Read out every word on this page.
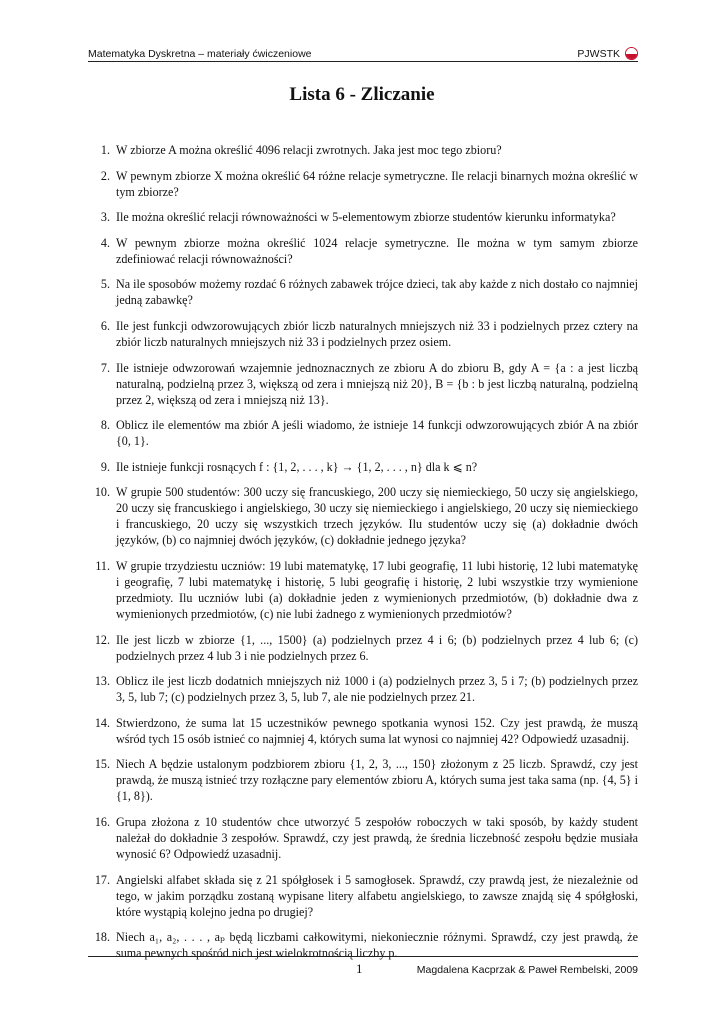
Matematyka Dyskretna – materiały ćwiczeniowe	PJWSTK
Lista 6 - Zliczanie
1. W zbiorze A można określić 4096 relacji zwrotnych. Jaka jest moc tego zbioru?
2. W pewnym zbiorze X można określić 64 różne relacje symetryczne. Ile relacji binarnych można określić w tym zbiorze?
3. Ile można określić relacji równoważności w 5-elementowym zbiorze studentów kierunku informatyka?
4. W pewnym zbiorze można określić 1024 relacje symetryczne. Ile można w tym samym zbiorze zdefiniować relacji równoważności?
5. Na ile sposobów możemy rozdać 6 różnych zabawek trójce dzieci, tak aby każde z nich dostało co najmniej jedną zabawkę?
6. Ile jest funkcji odwzorowujących zbiór liczb naturalnych mniejszych niż 33 i podzielnych przez cztery na zbiór liczb naturalnych mniejszych niż 33 i podzielnych przez osiem.
7. Ile istnieje odwzorowań wzajemnie jednoznacznych ze zbioru A do zbioru B, gdy A = {a : a jest liczbą naturalną, podzielną przez 3, większą od zera i mniejszą niż 20}, B = {b : b jest liczbą naturalną, podzielną przez 2, większą od zera i mniejszą niż 13}.
8. Oblicz ile elementów ma zbiór A jeśli wiadomo, że istnieje 14 funkcji odwzorowujących zbiór A na zbiór {0, 1}.
9. Ile istnieje funkcji rosnących f : {1, 2, . . . , k} → {1, 2, . . . , n} dla k ⩽ n?
10. W grupie 500 studentów: 300 uczy się francuskiego, 200 uczy się niemieckiego, 50 uczy się angielskiego, 20 uczy się francuskiego i angielskiego, 30 uczy się niemieckiego i angielskiego, 20 uczy się niemieckiego i francuskiego, 20 uczy się wszystkich trzech języków. Ilu studentów uczy się (a) dokładnie dwóch języków, (b) co najmniej dwóch języków, (c) dokładnie jednego języka?
11. W grupie trzydziestu uczniów: 19 lubi matematykę, 17 lubi geografię, 11 lubi historię, 12 lubi matematykę i geografię, 7 lubi matematykę i historię, 5 lubi geografię i historię, 2 lubi wszystkie trzy wymienione przedmioty. Ilu uczniów lubi (a) dokładnie jeden z wymienionych przedmiotów, (b) dokładnie dwa z wymienionych przedmiotów, (c) nie lubi żadnego z wymienionych przedmiotów?
12. Ile jest liczb w zbiorze {1, ..., 1500} (a) podzielnych przez 4 i 6; (b) podzielnych przez 4 lub 6; (c) podzielnych przez 4 lub 3 i nie podzielnych przez 6.
13. Oblicz ile jest liczb dodatnich mniejszych niż 1000 i (a) podzielnych przez 3, 5 i 7; (b) podzielnych przez 3, 5, lub 7; (c) podzielnych przez 3, 5, lub 7, ale nie podzielnych przez 21.
14. Stwierdzono, że suma lat 15 uczestników pewnego spotkania wynosi 152. Czy jest prawdą, że muszą wśród tych 15 osób istnieć co najmniej 4, których suma lat wynosi co najmniej 42? Odpowiedź uzasadnij.
15. Niech A będzie ustalonym podzbiorem zbioru {1, 2, 3, ..., 150} złożonym z 25 liczb. Sprawdź, czy jest prawdą, że muszą istnieć trzy rozłączne pary elementów zbioru A, których suma jest taka sama (np. {4, 5} i {1, 8}).
16. Grupa złożona z 10 studentów chce utworzyć 5 zespołów roboczych w taki sposób, by każdy student należał do dokładnie 3 zespołów. Sprawdź, czy jest prawdą, że średnia liczebność zespołu będzie musiała wynosić 6? Odpowiedź uzasadnij.
17. Angielski alfabet składa się z 21 spółgłosek i 5 samogłosek. Sprawdź, czy prawdą jest, że niezależnie od tego, w jakim porządku zostaną wypisane litery alfabetu angielskiego, to zawsze znajdą się 4 spółgłoski, które wystąpią kolejno jedna po drugiej?
18. Niech a₁, a₂, . . . , aₚ będą liczbami całkowitymi, niekoniecznie różnymi. Sprawdź, czy jest prawdą, że suma pewnych spośród nich jest wielokrotnością liczby p.
1	Magdalena Kacprzak & Paweł Rembelski, 2009
